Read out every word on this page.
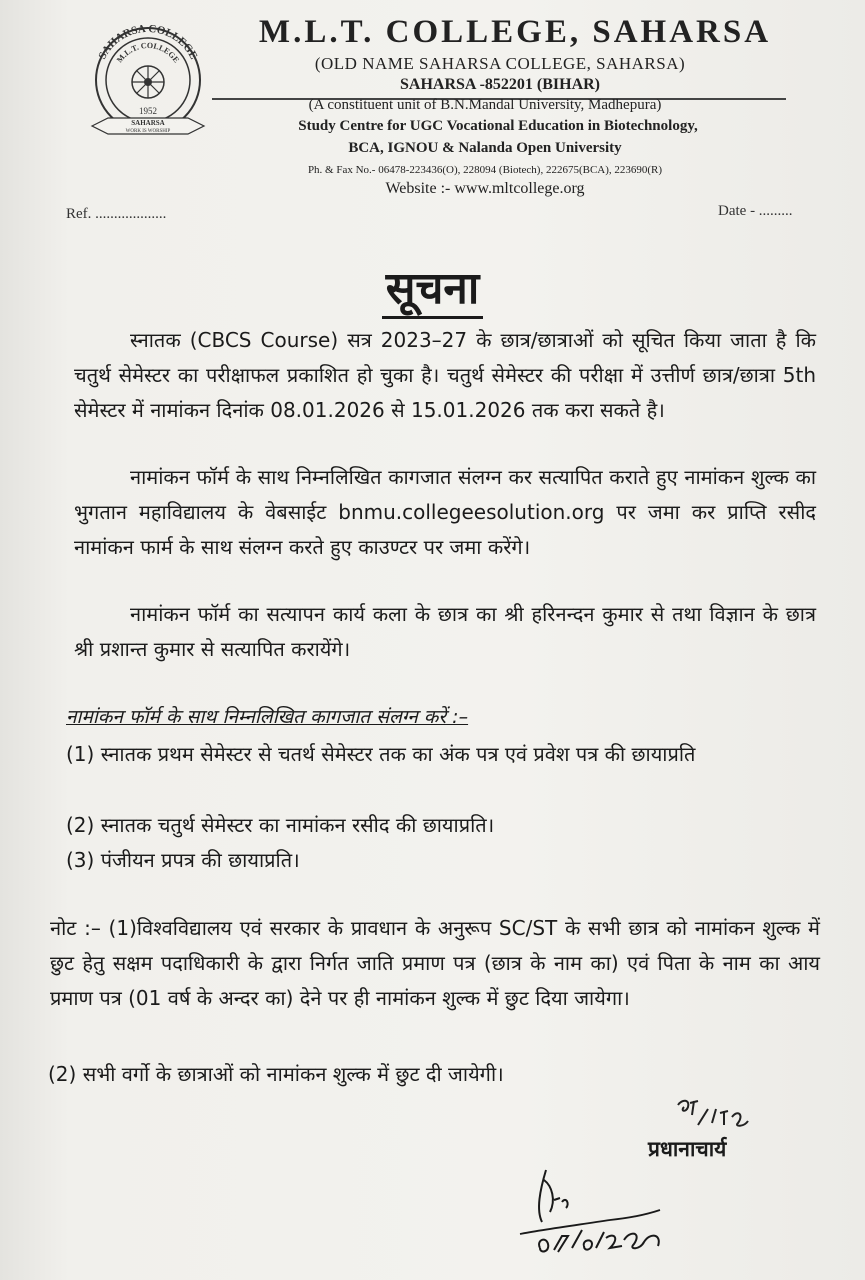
SAHARSA COLLEGE
M.L.T. COLLEGE
1952
SAHARSA
WORK IS WORSHIP
M.L.T. COLLEGE, SAHARSA
(OLD NAME SAHARSA COLLEGE, SAHARSA)
SAHARSA -852201 (BIHAR)
(A constituent unit of B.N.Mandal University, Madhepura)
Study Centre for UGC Vocational Education in Biotechnology,
BCA, IGNOU & Nalanda Open University
Ph. & Fax No.- 06478-223436(O), 228094 (Biotech), 222675(BCA), 223690(R)
Website :- www.mltcollege.org
Ref. ...................	Date - .........
सूचना
स्नातक (CBCS Course) सत्र 2023–27 के छात्र/छात्राओं को सूचित किया जाता है कि चतुर्थ सेमेस्टर का परीक्षाफल प्रकाशित हो चुका है। चतुर्थ सेमेस्टर की परीक्षा में उत्तीर्ण छात्र/छात्रा 5th सेमेस्टर में नामांकन दिनांक 08.01.2026 से 15.01.2026 तक करा सकते है।
नामांकन फॉर्म के साथ निम्नलिखित कागजात संलग्न कर सत्यापित कराते हुए नामांकन शुल्क का भुगतान महाविद्यालय के वेबसाईट bnmu.collegeesolution.org पर जमा कर प्राप्ति रसीद नामांकन फार्म के साथ संलग्न करते हुए काउण्टर पर जमा करेंगे।
नामांकन फॉर्म का सत्यापन कार्य कला के छात्र का श्री हरिनन्दन कुमार से तथा विज्ञान के छात्र श्री प्रशान्त कुमार से सत्यापित करायेंगे।
नामांकन फॉर्म के साथ निम्नलिखित कागजात संलग्न करें :–
(1) स्नातक प्रथम सेमेस्टर से चतर्थ सेमेस्टर तक का अंक पत्र एवं प्रवेश पत्र की छायाप्रति
(2) स्नातक चतुर्थ सेमेस्टर का नामांकन रसीद की छायाप्रति।
(3) पंजीयन प्रपत्र की छायाप्रति।
नोट :– (1)विश्वविद्यालय एवं सरकार के प्रावधान के अनुरूप SC/ST के सभी छात्र को नामांकन शुल्क में छुट हेतु सक्षम पदाधिकारी के द्वारा निर्गत जाति प्रमाण पत्र (छात्र के नाम का) एवं पिता के नाम का आय प्रमाण पत्र (01 वर्ष के अन्दर का) देने पर ही नामांकन शुल्क में छुट दिया जायेगा।
(2) सभी वर्गो के छात्राओं को नामांकन शुल्क में छुट दी जायेगी।
प्रधानाचार्य
